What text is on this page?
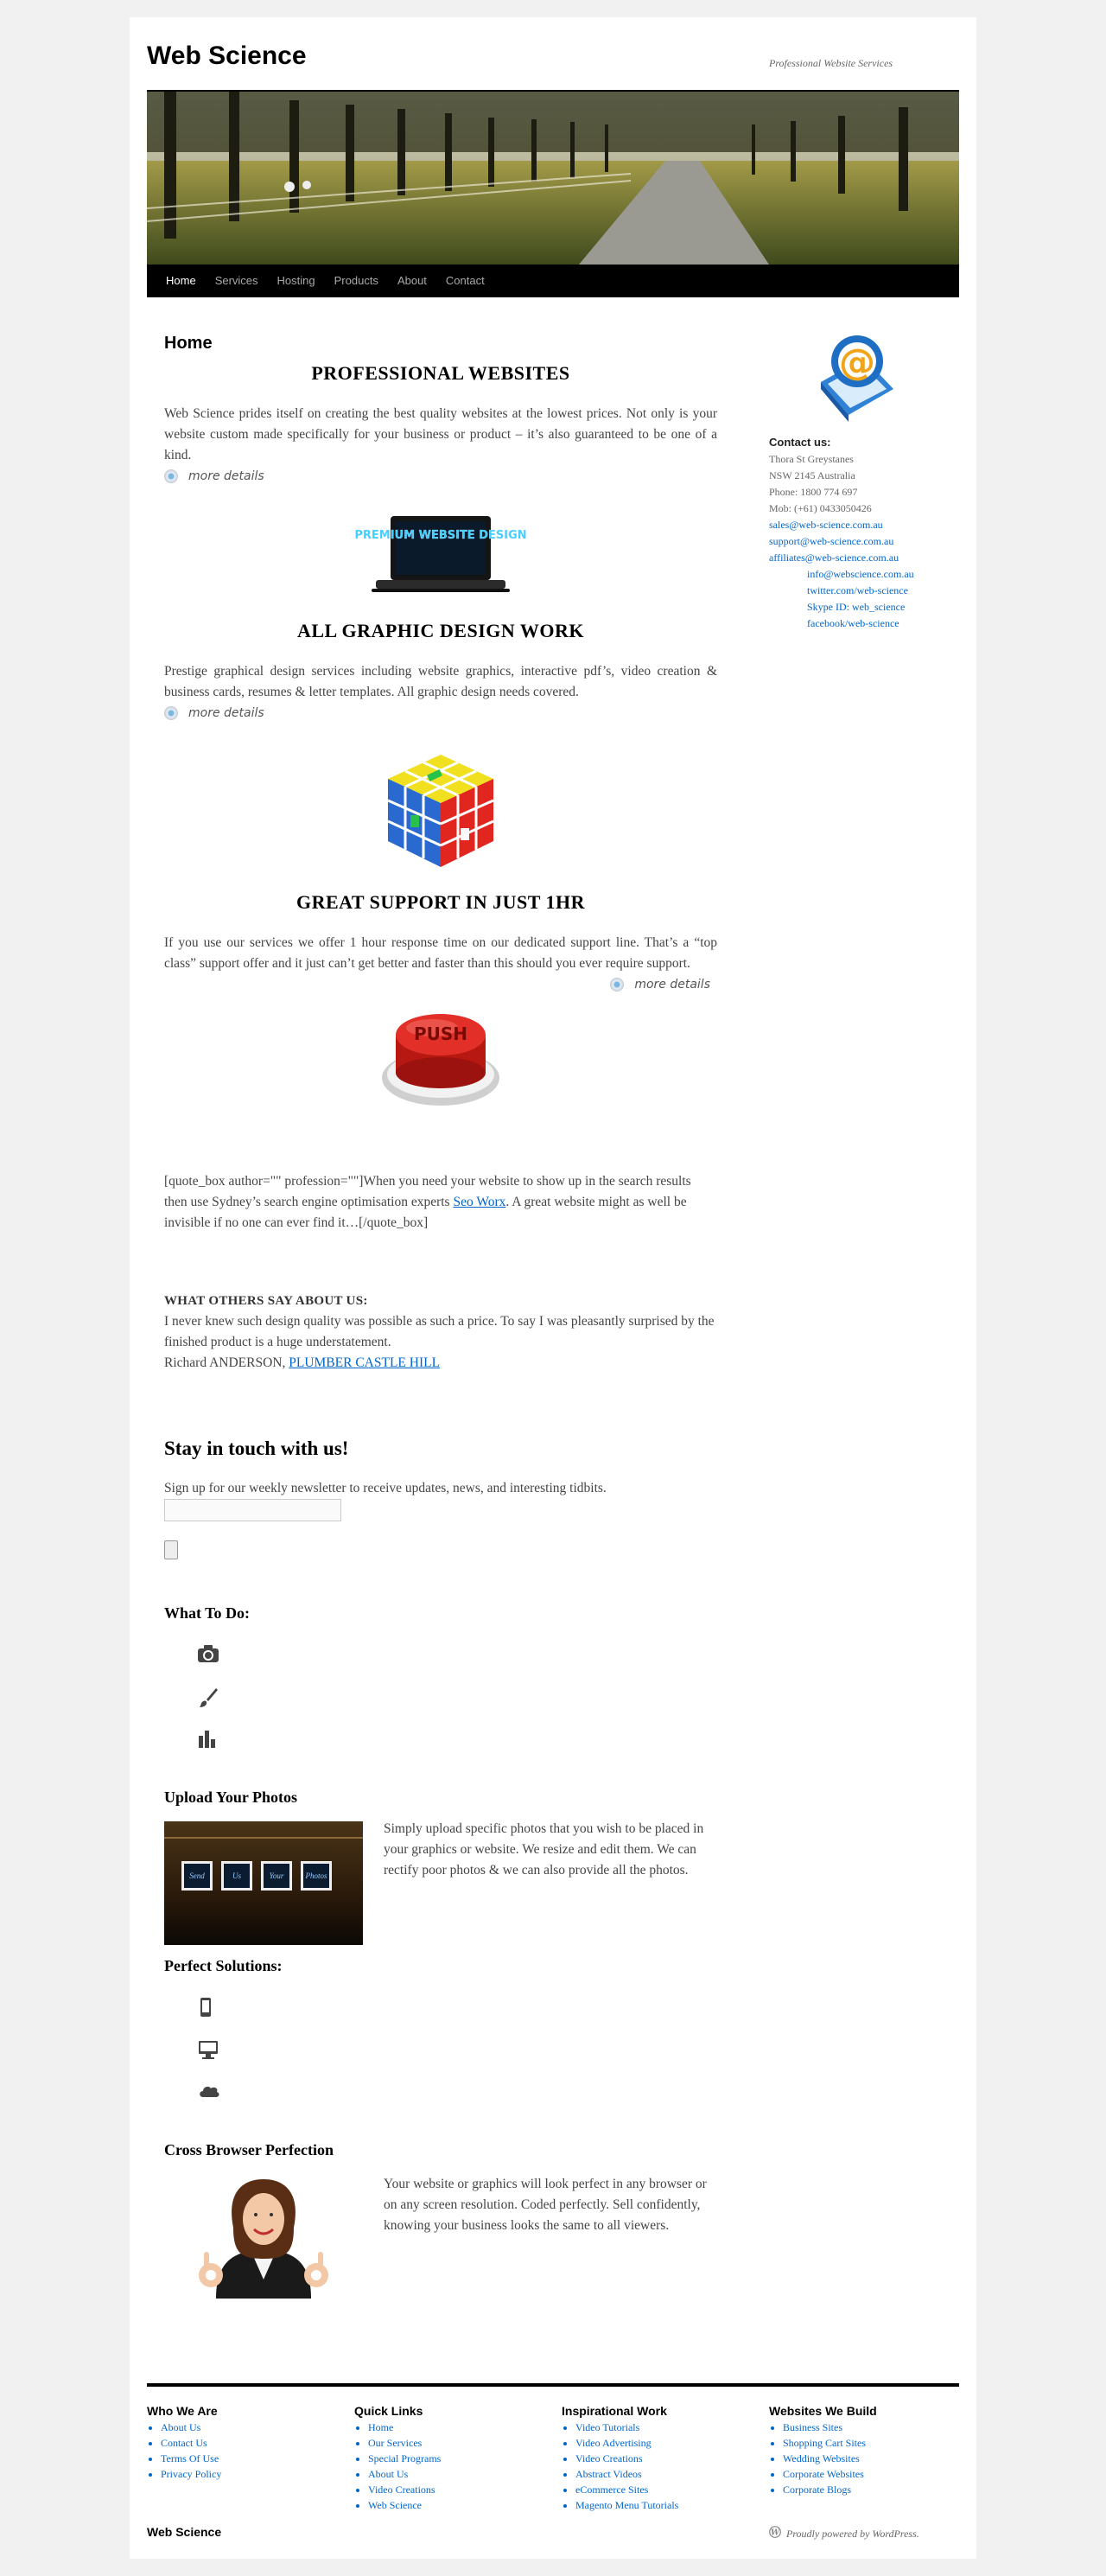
Web Science	Professional Website Services
Home	Services	Hosting	Products	About	Contact
Home
PROFESSIONAL WEBSITES

Web Science prides itself on creating the best quality websites at the lowest prices. Not only is your website custom made specifically for your business or product – it’s also guaranteed to be one of a kind.

more details
PREMIUM WEBSITE DESIGN
ALL GRAPHIC DESIGN WORK

Prestige graphical design services including website graphics, interactive pdf’s, video creation & business cards, resumes & letter templates. All graphic design needs covered.

more details
GREAT SUPPORT IN JUST 1HR

If you use our services we offer 1 hour response time on our dedicated support line. That’s a “top class” support offer and it just can’t get better and faster than this should you ever require support.

more details
PUSH

[quote_box author="" profession=""]When you need your website to show up in the search results then use Sydney’s search engine optimisation experts Seo Worx. A great website might as well be invisible if no one can ever find it…[/quote_box]

WHAT OTHERS SAY ABOUT US:

I never knew such design quality was possible as such a price. To say I was pleasantly surprised by the finished product is a huge understatement.

Richard ANDERSON, PLUMBER CASTLE HILL

Stay in touch with us!

Sign up for our weekly newsletter to receive updates, news, and interesting tidbits.

What To Do:
Upload Your Photos
Send	Us	Your	Photos

Simply upload specific photos that you wish to be placed in your graphics or website. We resize and edit them. We can rectify poor photos & we can also provide all the photos.

Perfect Solutions:
Cross Browser Perfection

Your website or graphics will look perfect in any browser or on any screen resolution. Coded perfectly. Sell confidently, knowing your business looks the same to all viewers.

@
Contact us:
Thora St Greystanes
NSW 2145 Australia
Phone: 1800 774 697
Mob: (+61) 0433050426
sales@web-science.com.au
support@web-science.com.au
affiliates@web-science.com.au
info@webscience.com.au
twitter.com/web-science
Skype ID: web_science
facebook/web-science
Who We Are
• About Us
• Contact Us
• Terms Of Use
• Privacy Policy
Quick Links
• Home
• Our Services
• Special Programs
• About Us
• Video Creations
• Web Science
Inspirational Work
• Video Tutorials
• Video Advertising
• Video Creations
• Abstract Videos
• eCommerce Sites
• Magento Menu Tutorials
Websites We Build
• Business Sites
• Shopping Cart Sites
• Wedding Websites
• Corporate Websites
• Corporate Blogs
Web Science	W Proudly powered by WordPress.
